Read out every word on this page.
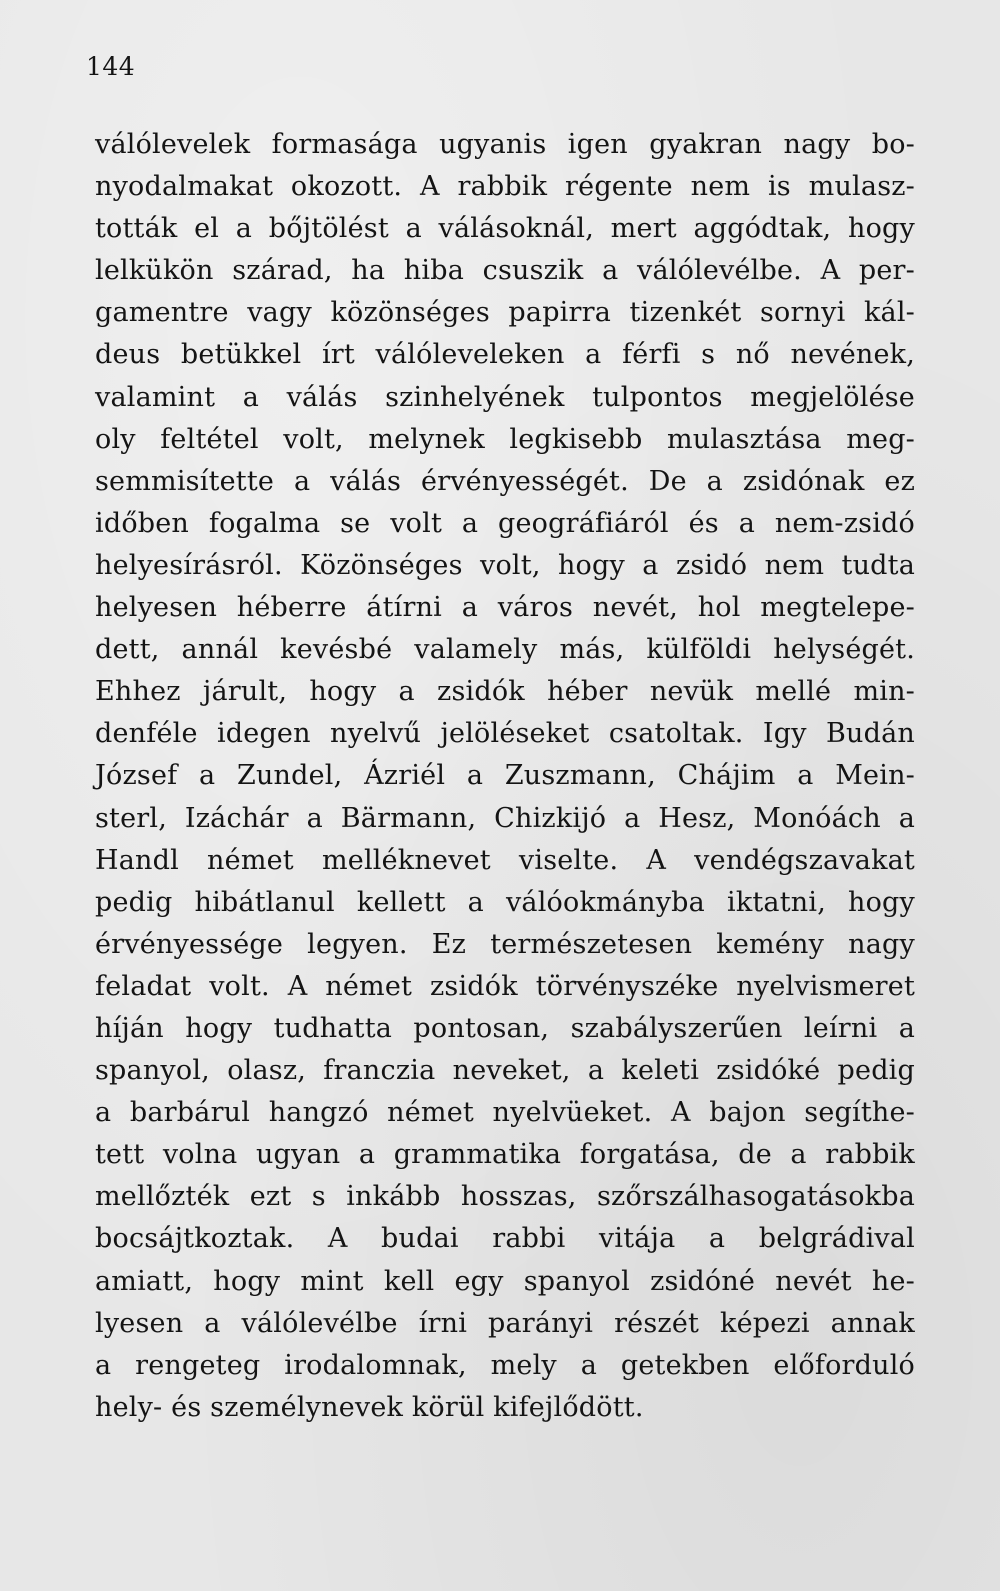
144
válólevelek formasága ugyanis igen gyakran nagy bo-
nyodalmakat okozott. A rabbik régente nem is mulasz-
tották el a bőjtölést a válásoknál, mert aggódtak, hogy
lelkükön szárad, ha hiba csuszik a válólevélbe. A per-
gamentre vagy közönséges papirra tizenkét sornyi kál-
deus betükkel írt válóleveleken a férfi s nő nevének,
valamint a válás szinhelyének tulpontos megjelölése
oly feltétel volt, melynek legkisebb mulasztása meg-
semmisítette a válás érvényességét. De a zsidónak ez
időben fogalma se volt a geográfiáról és a nem-zsidó
helyesírásról. Közönséges volt, hogy a zsidó nem tudta
helyesen héberre átírni a város nevét, hol megtelepe-
dett, annál kevésbé valamely más, külföldi helységét.
Ehhez járult, hogy a zsidók héber nevük mellé min-
denféle idegen nyelvű jelöléseket csatoltak. Igy Budán
József a Zundel, Ázriél a Zuszmann, Chájim a Mein-
sterl, Izáchár a Bärmann, Chizkijó a Hesz, Monóách a
Handl német melléknevet viselte. A vendégszavakat
pedig hibátlanul kellett a válóokmányba iktatni, hogy
érvényessége legyen. Ez természetesen kemény nagy
feladat volt. A német zsidók törvényszéke nyelvismeret
híján hogy tudhatta pontosan, szabályszerűen leírni a
spanyol, olasz, franczia neveket, a keleti zsidóké pedig
a barbárul hangzó német nyelvüeket. A bajon segíthe-
tett volna ugyan a grammatika forgatása, de a rabbik
mellőzték ezt s inkább hosszas, szőrszálhasogatásokba
bocsájtkoztak. A budai rabbi vitája a belgrádival
amiatt, hogy mint kell egy spanyol zsidóné nevét he-
lyesen a válólevélbe írni parányi részét képezi annak
a rengeteg irodalomnak, mely a getekben előforduló
hely- és személynevek körül kifejlődött.
